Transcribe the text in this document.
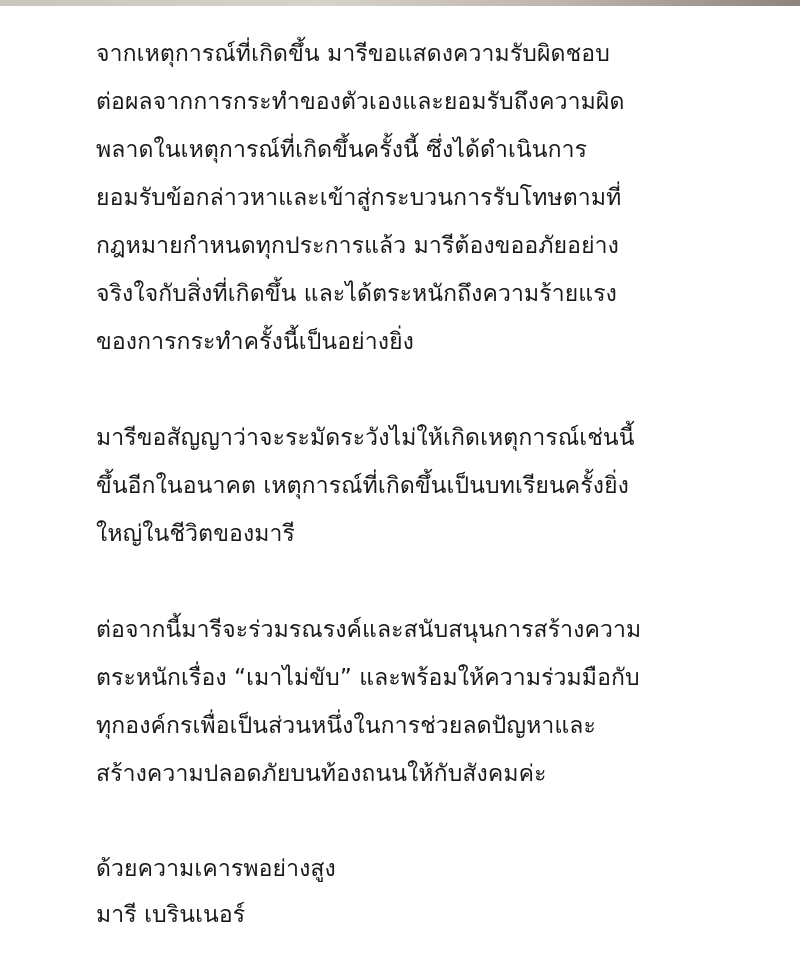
จากเหตุการณ์ที่เกิดขึ้น มารีขอแสดงความรับผิดชอบ
ต่อผลจากการกระทำของตัวเองและยอมรับถึงความผิด
พลาดในเหตุการณ์ที่เกิดขึ้นครั้งนี้ ซึ่งได้ดำเนินการ
ยอมรับข้อกล่าวหาและเข้าสู่กระบวนการรับโทษตามที่
กฎหมายกำหนดทุกประการแล้ว มารีต้องขออภัยอย่าง
จริงใจกับสิ่งที่เกิดขึ้น และได้ตระหนักถึงความร้ายแรง
ของการกระทำครั้งนี้เป็นอย่างยิ่ง
มารีขอสัญญาว่าจะระมัดระวังไม่ให้เกิดเหตุการณ์เช่นนี้
ขึ้นอีกในอนาคต เหตุการณ์ที่เกิดขึ้นเป็นบทเรียนครั้งยิ่ง
ใหญ่ในชีวิตของมารี
ต่อจากนี้มารีจะร่วมรณรงค์และสนับสนุนการสร้างความ
ตระหนักเรื่อง “เมาไม่ขับ” และพร้อมให้ความร่วมมือกับ
ทุกองค์กรเพื่อเป็นส่วนหนึ่งในการช่วยลดปัญหาและ
สร้างความปลอดภัยบนท้องถนนให้กับสังคมค่ะ
ด้วยความเคารพอย่างสูง
มารี เบรินเนอร์
